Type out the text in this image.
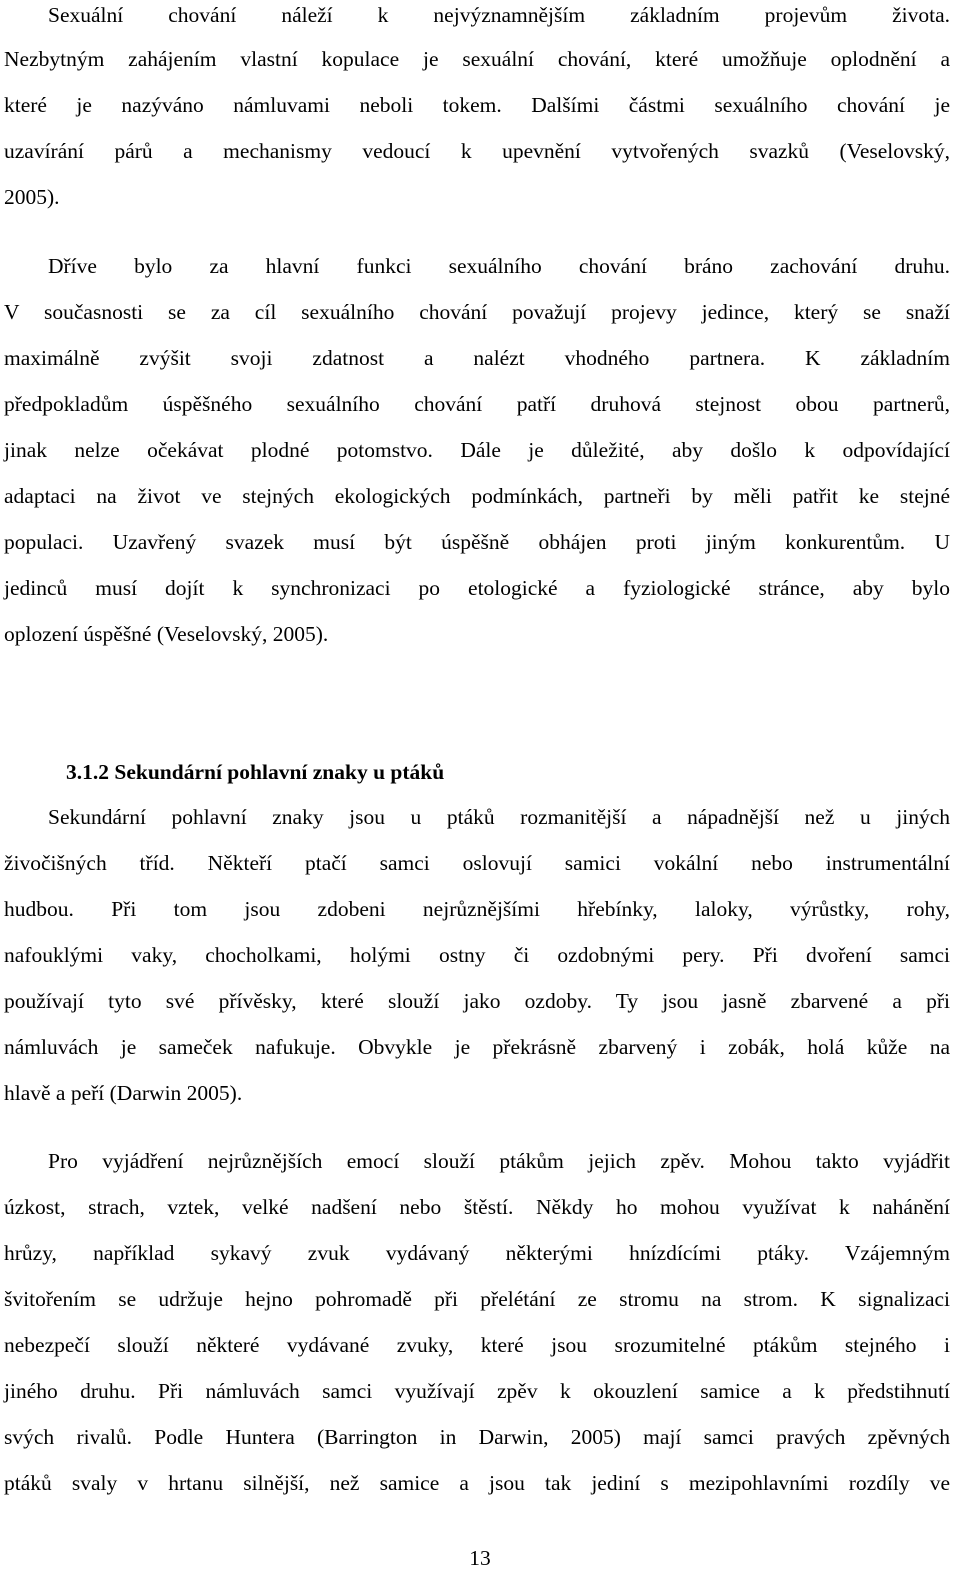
Sexuální chování náleží k nejvýznamnějším základním projevům života.
Nezbytným zahájením vlastní kopulace je sexuální chování, které umožňuje oplodnění a
které je nazýváno námluvami neboli tokem. Dalšími částmi sexuálního chování je
uzavírání párů a mechanismy vedoucí k upevnění vytvořených svazků (Veselovský,
2005).
Dříve bylo za hlavní funkci sexuálního chování bráno zachování druhu.
V současnosti se za cíl sexuálního chování považují projevy jedince, který se snaží
maximálně zvýšit svoji zdatnost a nalézt vhodného partnera. K základním
předpokladům úspěšného sexuálního chování patří druhová stejnost obou partnerů,
jinak nelze očekávat plodné potomstvo. Dále je důležité, aby došlo k odpovídající
adaptaci na život ve stejných ekologických podmínkách, partneři by měli patřit ke stejné
populaci. Uzavřený svazek musí být úspěšně obhájen proti jiným konkurentům. U
jedinců musí dojít k synchronizaci po etologické a fyziologické stránce, aby bylo
oplození úspěšné (Veselovský, 2005).
3.1.2 Sekundární pohlavní znaky u ptáků
Sekundární pohlavní znaky jsou u ptáků rozmanitější a nápadnější než u jiných
živočišných tříd. Někteří ptačí samci oslovují samici vokální nebo instrumentální
hudbou. Při tom jsou zdobeni nejrůznějšími hřebínky, laloky, výrůstky, rohy,
nafouklými vaky, chocholkami, holými ostny či ozdobnými pery. Při dvoření samci
používají tyto své přívěsky, které slouží jako ozdoby. Ty jsou jasně zbarvené a při
námluvách je sameček nafukuje. Obvykle je překrásně zbarvený i zobák, holá kůže na
hlavě a peří (Darwin 2005).
Pro vyjádření nejrůznějších emocí slouží ptákům jejich zpěv. Mohou takto vyjádřit
úzkost, strach, vztek, velké nadšení nebo štěstí. Někdy ho mohou využívat k nahánění
hrůzy, například sykavý zvuk vydávaný některými hnízdícími ptáky. Vzájemným
švitořením se udržuje hejno pohromadě při přelétání ze stromu na strom. K signalizaci
nebezpečí slouží některé vydávané zvuky, které jsou srozumitelné ptákům stejného i
jiného druhu. Při námluvách samci využívají zpěv k okouzlení samice a k předstihnutí
svých rivalů. Podle Huntera (Barrington in Darwin, 2005) mají samci pravých zpěvných
ptáků svaly v hrtanu silnější, než samice a jsou tak jediní s mezipohlavními rozdíly ve
13
